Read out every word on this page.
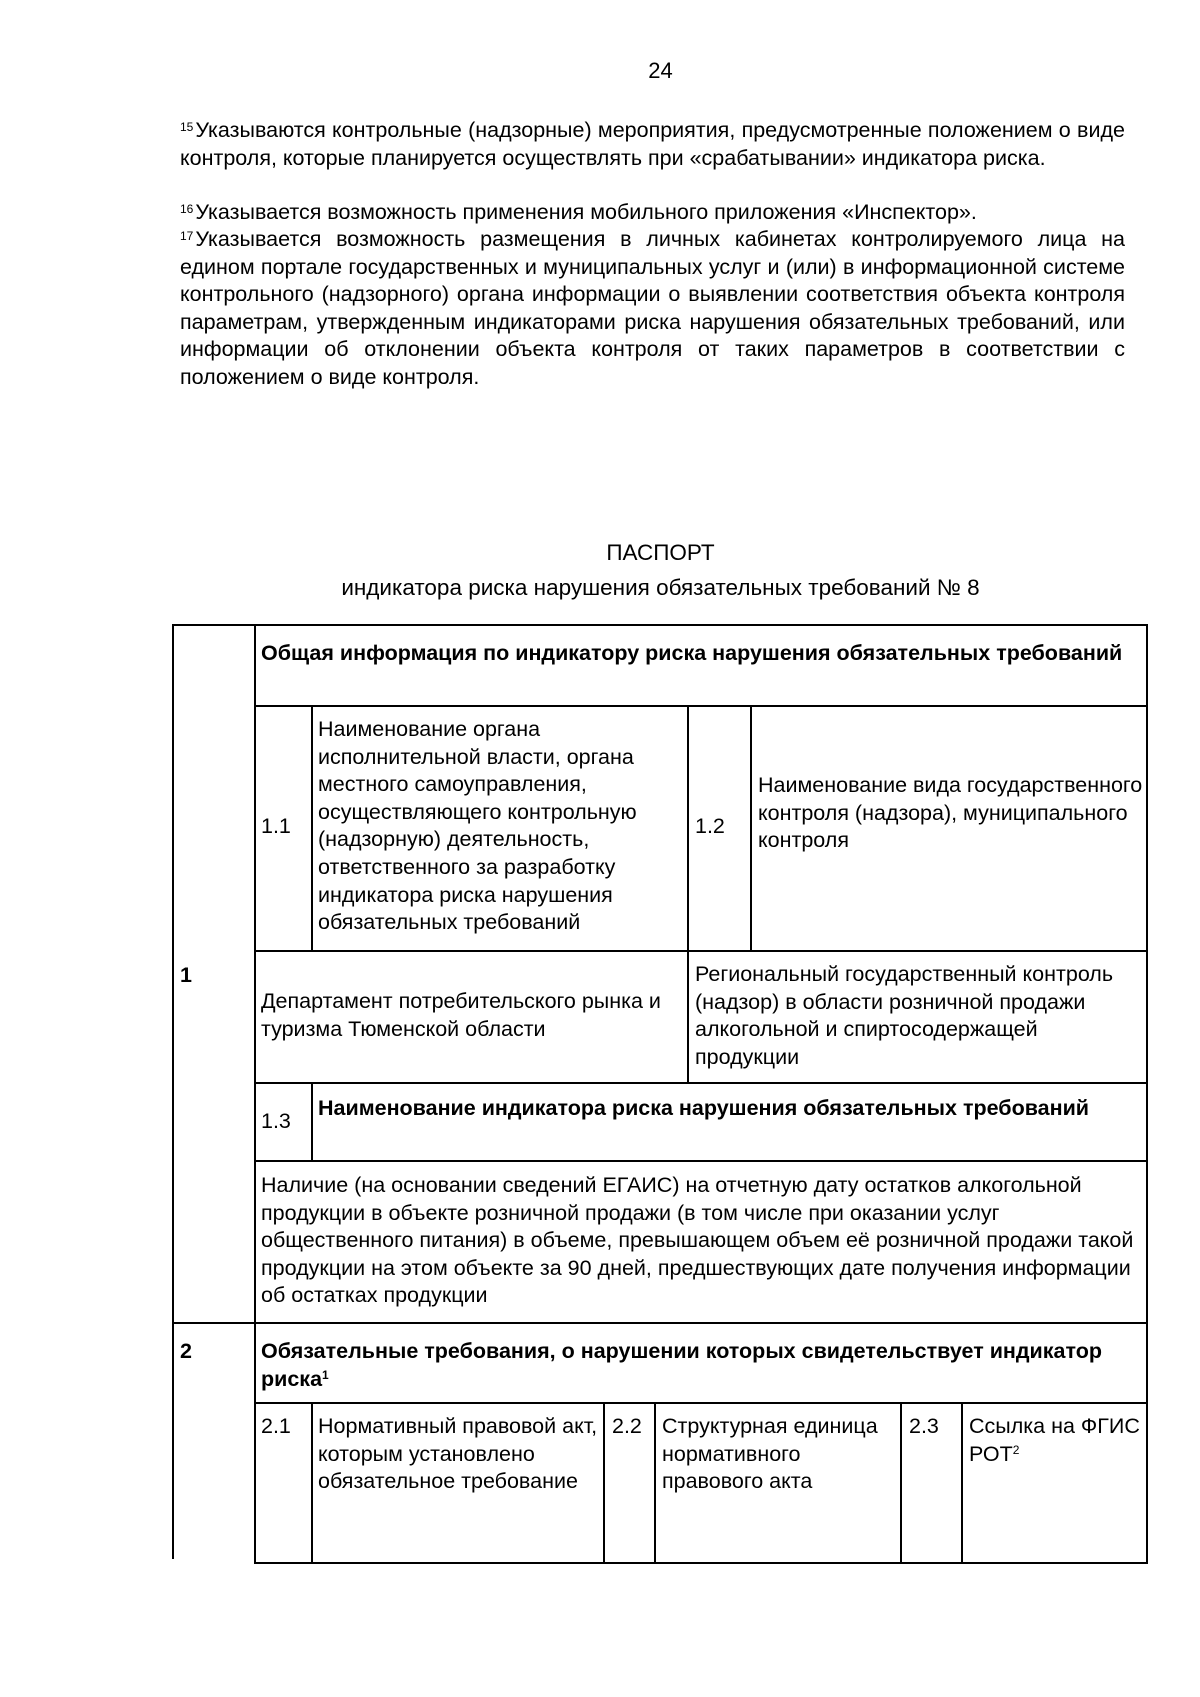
24
$^{15}$Указываются контрольные (надзорные) мероприятия, предусмотренные положением о виде контроля, которые планируется осуществлять при «срабатывании» индикатора риска.
$^{16}$Указывается возможность применения мобильного приложения «Инспектор».
$^{17}$Указывается возможность размещения в личных кабинетах контролируемого лица на едином портале государственных и муниципальных услуг и (или) в информационной системе контрольного (надзорного) органа информации о выявлении соответствия объекта контроля параметрам, утвержденным индикаторами риска нарушения обязательных требований, или информации об отклонении объекта контроля от таких параметров в соответствии с положением о виде контроля.
ПАСПОРТ
индикатора риска нарушения обязательных требований № 8
1
Общая информация по индикатору риска нарушения обязательных требований
1.1
Наименование органа исполнительной власти, органа местного самоуправления, осуществляющего контрольную (надзорную) деятельность, ответственного за разработку индикатора риска нарушения обязательных требований
1.2
Наименование вида государственного контроля (надзора), муниципального контроля
Департамент потребительского рынка и туризма Тюменской области
Региональный государственный контроль (надзор) в области розничной продажи алкогольной и спиртосодержащей продукции
1.3
Наименование индикатора риска нарушения обязательных требований
Наличие (на основании сведений ЕГАИС) на отчетную дату остатков алкогольной продукции в объекте розничной продажи (в том числе при оказании услуг общественного питания) в объеме, превышающем объем её розничной продажи такой продукции на этом объекте за 90 дней, предшествующих дате получения информации об остатках продукции
2	Обязательные требования, о нарушении которых свидетельствует индикатор риска$^1$
2.1 Нормативный правовой акт, которым установлено обязательное требование
2.2 Структурная единица нормативного правового акта
2.3 Ссылка на ФГИС РОТ$^2$
